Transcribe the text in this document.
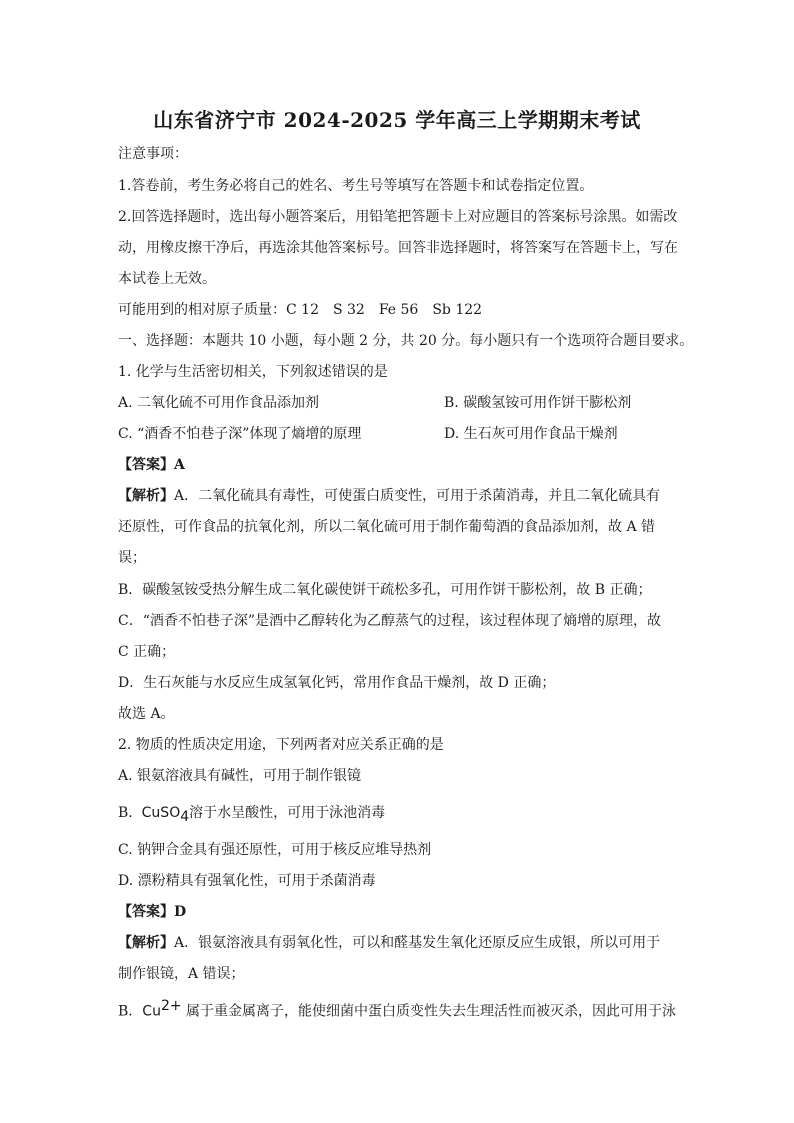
山东省济宁市 2024-2025 学年高三上学期期末考试
注意事项：
1.答卷前，考生务必将自己的姓名、考生号等填写在答题卡和试卷指定位置。
2.回答选择题时，选出每小题答案后，用铅笔把答题卡上对应题目的答案标号涂黑。如需改
动，用橡皮擦干净后，再选涂其他答案标号。回答非选择题时，将答案写在答题卡上，写在
本试卷上无效。
可能用到的相对原子质量：C 12　S 32　Fe 56　Sb 122
一、选择题：本题共 10 小题，每小题 2 分，共 20 分。每小题只有一个选项符合题目要求。
1. 化学与生活密切相关，下列叙述错误的是
A. 二氧化硫不可用作食品添加剂	B. 碳酸氢铵可用作饼干膨松剂
C. “酒香不怕巷子深”体现了熵增的原理	D. 生石灰可用作食品干燥剂
【答案】A
【解析】A．二氧化硫具有毒性，可使蛋白质变性，可用于杀菌消毒，并且二氧化硫具有
还原性，可作食品的抗氧化剂，所以二氧化硫可用于制作葡萄酒的食品添加剂，故 A 错
误；
B．碳酸氢铵受热分解生成二氧化碳使饼干疏松多孔，可用作饼干膨松剂，故 B 正确；
C．“酒香不怕巷子深”是酒中乙醇转化为乙醇蒸气的过程，该过程体现了熵增的原理，故
C 正确；
D．生石灰能与水反应生成氢氧化钙，常用作食品干燥剂，故 D 正确；
故选 A。
2. 物质的性质决定用途，下列两者对应关系正确的是
A. 银氨溶液具有碱性，可用于制作银镜
B. CuSO$_4$溶于水呈酸性，可用于泳池消毒
C. 钠钾合金具有强还原性，可用于核反应堆导热剂
D. 漂粉精具有强氧化性，可用于杀菌消毒
【答案】D
【解析】A．银氨溶液具有弱氧化性，可以和醛基发生氧化还原反应生成银，所以可用于
制作银镜，A 错误；
B．$Cu^{2+}$ 属于重金属离子，能使细菌中蛋白质变性失去生理活性而被灭杀，因此可用于泳
